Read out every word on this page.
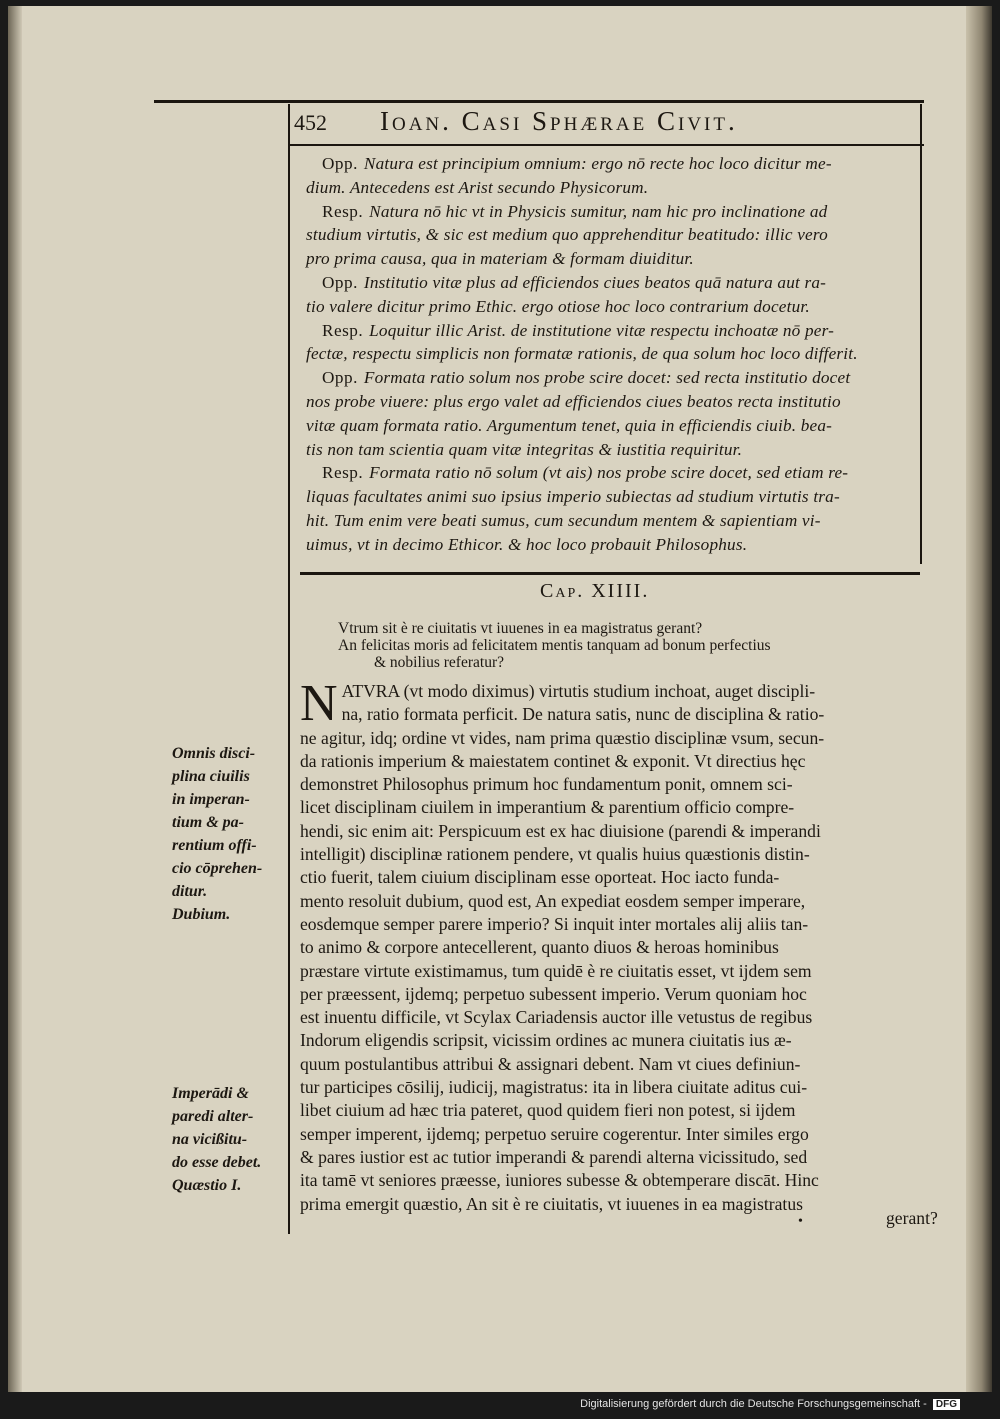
452 Ioan. Casi Sphærae Civit.
Opp. Natura est principium omnium: ergo nō recte hoc loco dicitur me-
dium. Antecedens est Arist secundo Physicorum.
Resp. Natura nō hic vt in Physicis sumitur, nam hic pro inclinatione ad
studium virtutis, & sic est medium quo apprehenditur beatitudo: illic vero
pro prima causa, qua in materiam & formam diuiditur.
Opp. Institutio vitæ plus ad efficiendos ciues beatos quā natura aut ra-
tio valere dicitur primo Ethic. ergo otiose hoc loco contrarium docetur.
Resp. Loquitur illic Arist. de institutione vitæ respectu inchoatæ nō per-
fectæ, respectu simplicis non formatæ rationis, de qua solum hoc loco differit.
Opp. Formata ratio solum nos probe scire docet: sed recta institutio docet
nos probe viuere: plus ergo valet ad efficiendos ciues beatos recta institutio
vitæ quam formata ratio. Argumentum tenet, quia in efficiendis ciuib. bea-
tis non tam scientia quam vitæ integritas & iustitia requiritur.
Resp. Formata ratio nō solum (vt ais) nos probe scire docet, sed etiam re-
liquas facultates animi suo ipsius imperio subiectas ad studium virtutis tra-
hit. Tum enim vere beati sumus, cum secundum mentem & sapientiam vi-
uimus, vt in decimo Ethicor. & hoc loco probauit Philosophus.
Cap. XIIII.
Vtrum sit è re ciuitatis vt iuuenes in ea magistratus gerant?
An felicitas moris ad felicitatem mentis tanquam ad bonum perfectius
& nobilius referatur?
N ATVRA (vt modo diximus) virtutis studium inchoat, auget discipli-
na, ratio formata perficit. De natura satis, nunc de disciplina & ratio-
ne agitur, idq; ordine vt vides, nam prima quæstio disciplinæ vsum, secun-
da rationis imperium & maiestatem continet & exponit. Vt directius hęc
demonstret Philosophus primum hoc fundamentum ponit, omnem sci-
licet disciplinam ciuilem in imperantium & parentium officio compre-
hendi, sic enim ait: Perspicuum est ex hac diuisione (parendi & imperandi
intelligit) disciplinæ rationem pendere, vt qualis huius quæstionis distin-
ctio fuerit, talem ciuium disciplinam esse oporteat. Hoc iacto funda-
mento resoluit dubium, quod est, An expediat eosdem semper imperare,
eosdemque semper parere imperio? Si inquit inter mortales alij aliis tan-
to animo & corpore antecellerent, quanto diuos & heroas hominibus
præstare virtute existimamus, tum quidē è re ciuitatis esset, vt ijdem sem
per præessent, ijdemq; perpetuo subessent imperio. Verum quoniam hoc
est inuentu difficile, vt Scylax Cariadensis auctor ille vetustus de regibus
Indorum eligendis scripsit, vicissim ordines ac munera ciuitatis ius æ-
quum postulantibus attribui & assignari debent. Nam vt ciues definiun-
tur participes cōsilij, iudicij, magistratus: ita in libera ciuitate aditus cui-
libet ciuium ad hæc tria pateret, quod quidem fieri non potest, si ijdem
semper imperent, ijdemq; perpetuo seruire cogerentur. Inter similes ergo
& pares iustior est ac tutior imperandi & parendi alterna vicissitudo, sed
ita tamē vt seniores præesse, iuniores subesse & obtemperare discāt. Hinc
prima emergit quæstio, An sit è re ciuitatis, vt iuuenes in ea magistratus
Omnis disci-
plina ciuilis
in imperan-
tium & pa-
rentium offi-
cio cōprehen-
ditur.
Dubium.
Imperādi &
paredi alter-
na vicißitu-
do esse debet.
Quæstio I.
•	gerant?
Digitalisierung gefördert durch die Deutsche Forschungsgemeinschaft - DFG
